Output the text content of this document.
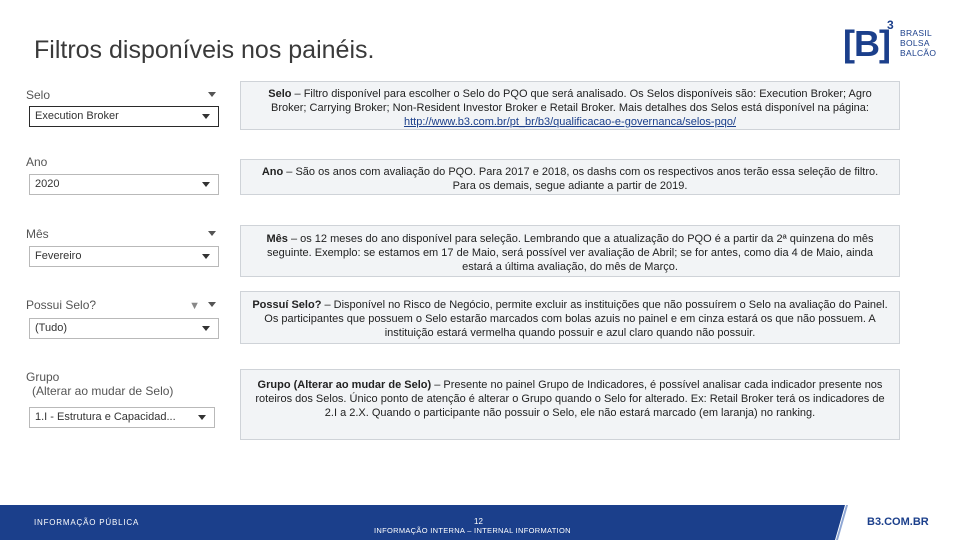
Filtros disponíveis nos painéis.	[B]
3
BRASIL
BOLSA
BALCÃO
Selo
Execution Broker
Ano
2020
Mês
Fevereiro
Possui Selo?	▼
(Tudo)
Grupo
(Alterar ao mudar de Selo)
1.I - Estrutura e Capacidad...
Selo – Filtro disponível para escolher o Selo do PQO que será analisado. Os Selos disponíveis são: Execution Broker; Agro Broker; Carrying Broker; Non-Resident Investor Broker e Retail Broker. Mais detalhes dos Selos está disponível na página: http://www.b3.com.br/pt_br/b3/qualificacao-e-governanca/selos-pqo/
Ano – São os anos com avaliação do PQO. Para 2017 e 2018, os dashs com os respectivos anos terão essa seleção de filtro. Para os demais, segue adiante a partir de 2019.
Mês – os 12 meses do ano disponível para seleção. Lembrando que a atualização do PQO é a partir da 2ª quinzena do mês seguinte. Exemplo: se estamos em 17 de Maio, será possível ver avaliação de Abril; se for antes, como dia 4 de Maio, ainda estará a última avaliação, do mês de Março.
Possuí Selo? – Disponível no Risco de Negócio, permite excluir as instituições que não possuírem o Selo na avaliação do Painel. Os participantes que possuem o Selo estarão marcados com bolas azuis no painel e em cinza estará os que não possuem. A instituição estará vermelha quando possuir e azul claro quando não possuir.
Grupo (Alterar ao mudar de Selo) – Presente no painel Grupo de Indicadores, é possível analisar cada indicador presente nos roteiros dos Selos. Único ponto de atenção é alterar o Grupo quando o Selo for alterado. Ex: Retail Broker terá os indicadores de 2.I a 2.X. Quando o participante não possuir o Selo, ele não estará marcado (em laranja) no ranking.
INFORMAÇÃO PÚBLICA	12
INFORMAÇÃO INTERNA – INTERNAL INFORMATION
B3.COM.BR
